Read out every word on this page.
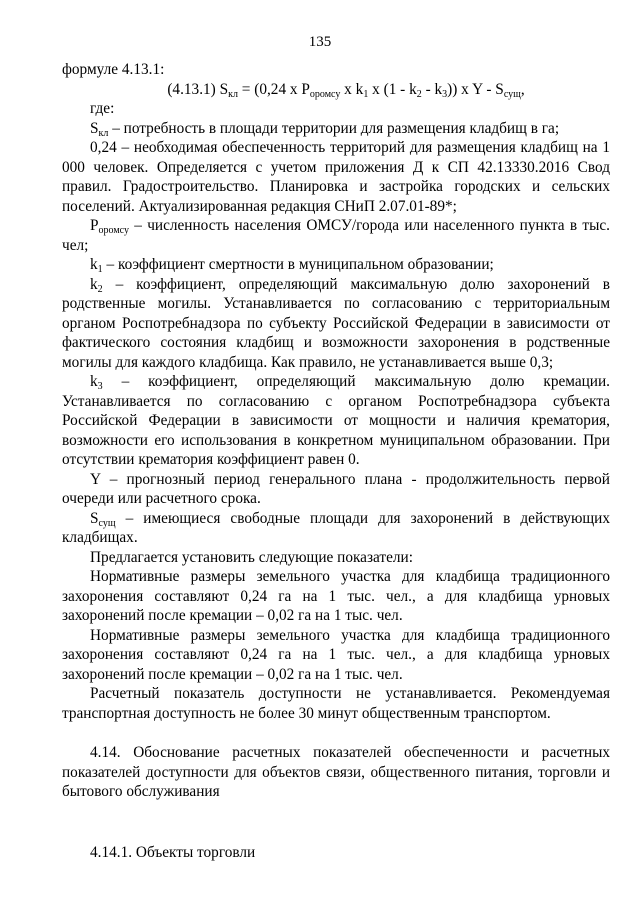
135

формуле 4.13.1:

(4.13.1) $S_{кл} = (0,24$ x $P_{оромсу}$ x $k_1$ x $(1 - k_2 - k_3)$) x Y - $S_{сущ}$,

где:

$S_{кл}$ – потребность в площади территории для размещения кладбищ в га;

0,24 – необходимая обеспеченность территорий для размещения кладбищ на 1 000 человек. Определяется с учетом приложения Д к СП 42.13330.2016 Свод правил. Градостроительство. Планировка и застройка городских и сельских поселений. Актуализированная редакция СНиП 2.07.01-89*;

$P_{оромсу}$ – численность населения ОМСУ/города или населенного пункта в тыс. чел;

$k_1$ – коэффициент смертности в муниципальном образовании;

$k_2$ – коэффициент, определяющий максимальную долю захоронений в родственные могилы. Устанавливается по согласованию с территориальным органом Роспотребнадзора по субъекту Российской Федерации в зависимости от фактического состояния кладбищ и возможности захоронения в родственные могилы для каждого кладбища. Как правило, не устанавливается выше 0,3;

$k_3$ – коэффициент, определяющий максимальную долю кремации. Устанавливается по согласованию с органом Роспотребнадзора субъекта Российской Федерации в зависимости от мощности и наличия крематория, возможности его использования в конкретном муниципальном образовании. При отсутствии крематория коэффициент равен 0.

Y – прогнозный период генерального плана - продолжительность первой очереди или расчетного срока.

$S_{сущ}$ – имеющиеся свободные площади для захоронений в действующих кладбищах.

Предлагается установить следующие показатели:

Нормативные размеры земельного участка для кладбища традиционного захоронения составляют 0,24 га на 1 тыс. чел., а для кладбища урновых захоронений после кремации – 0,02 га на 1 тыс. чел.

Нормативные размеры земельного участка для кладбища традиционного захоронения составляют 0,24 га на 1 тыс. чел., а для кладбища урновых захоронений после кремации – 0,02 га на 1 тыс. чел.

Расчетный показатель доступности не устанавливается. Рекомендуемая транспортная доступность не более 30 минут общественным транспортом.

4.14. Обоснование расчетных показателей обеспеченности и расчетных показателей доступности для объектов связи, общественного питания, торговли и бытового обслуживания

4.14.1. Объекты торговли
